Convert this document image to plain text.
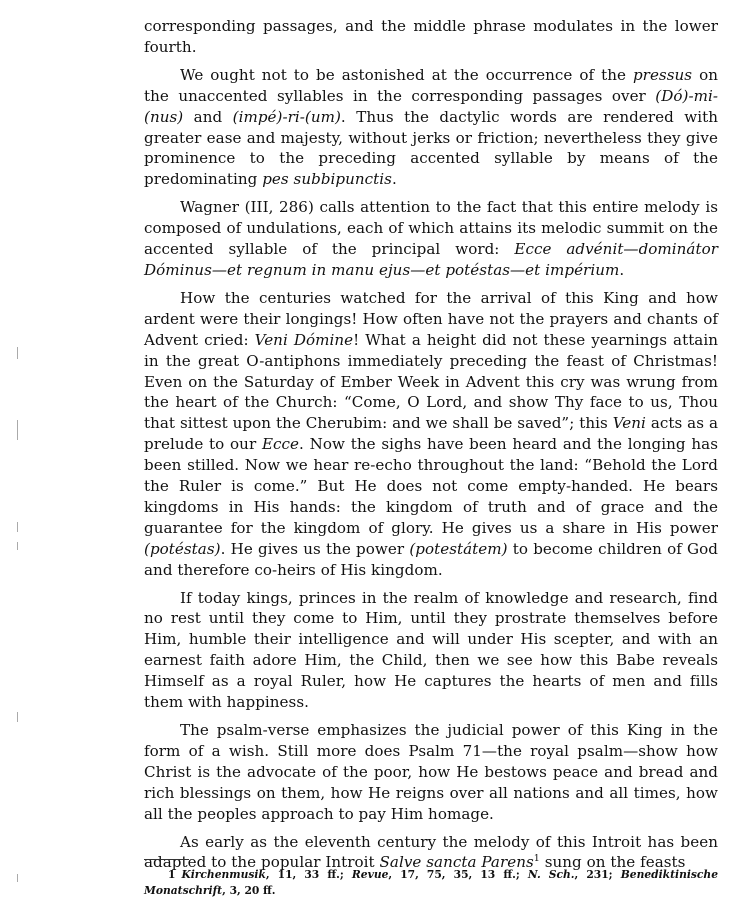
corresponding passages, and the middle phrase modulates in the lower fourth.

We ought not to be astonished at the occurrence of the pressus on the unaccented syllables in the corresponding passages over (Dó)-mi-(nus) and (impé)-ri-(um). Thus the dactylic words are rendered with greater ease and majesty, without jerks or friction; nevertheless they give prominence to the preceding accented syllable by means of the predominating pes subbipunctis.

Wagner (III, 286) calls attention to the fact that this entire melody is composed of undulations, each of which attains its melodic summit on the accented syllable of the principal word: Ecce advénit—dominátor Dóminus—et regnum in manu ejus—et potéstas—et impérium.

How the centuries watched for the arrival of this King and how ardent were their longings! How often have not the prayers and chants of Advent cried: Veni Dómine! What a height did not these yearnings attain in the great O-antiphons immediately preceding the feast of Christmas! Even on the Saturday of Ember Week in Advent this cry was wrung from the heart of the Church: “Come, O Lord, and show Thy face to us, Thou that sittest upon the Cherubim: and we shall be saved”; this Veni acts as a prelude to our Ecce. Now the sighs have been heard and the longing has been stilled. Now we hear re-echo throughout the land: “Behold the Lord the Ruler is come.” But He does not come empty-handed. He bears kingdoms in His hands: the kingdom of truth and of grace and the guarantee for the kingdom of glory. He gives us a share in His power (potéstas). He gives us the power (potestátem) to become children of God and therefore co-heirs of His kingdom.

If today kings, princes in the realm of knowledge and research, find no rest until they come to Him, until they prostrate themselves before Him, humble their intelligence and will under His scepter, and with an earnest faith adore Him, the Child, then we see how this Babe reveals Himself as a royal Ruler, how He captures the hearts of men and fills them with happiness.

The psalm-verse emphasizes the judicial power of this King in the form of a wish. Still more does Psalm 71—the royal psalm—show how Christ is the advocate of the poor, how He bestows peace and bread and rich blessings on them, how He reigns over all nations and all times, how all the peoples approach to pay Him homage.

As early as the eleventh century the melody of this Introit has been adapted to the popular Introit Salve sancta Parens$^1$ sung on the feasts

1 Kirchenmusik, 11, 33 ff.; Revue, 17, 75, 35, 13 ff.; N. Sch., 231; Benediktinische Monatschrift, 3, 20 ff.
